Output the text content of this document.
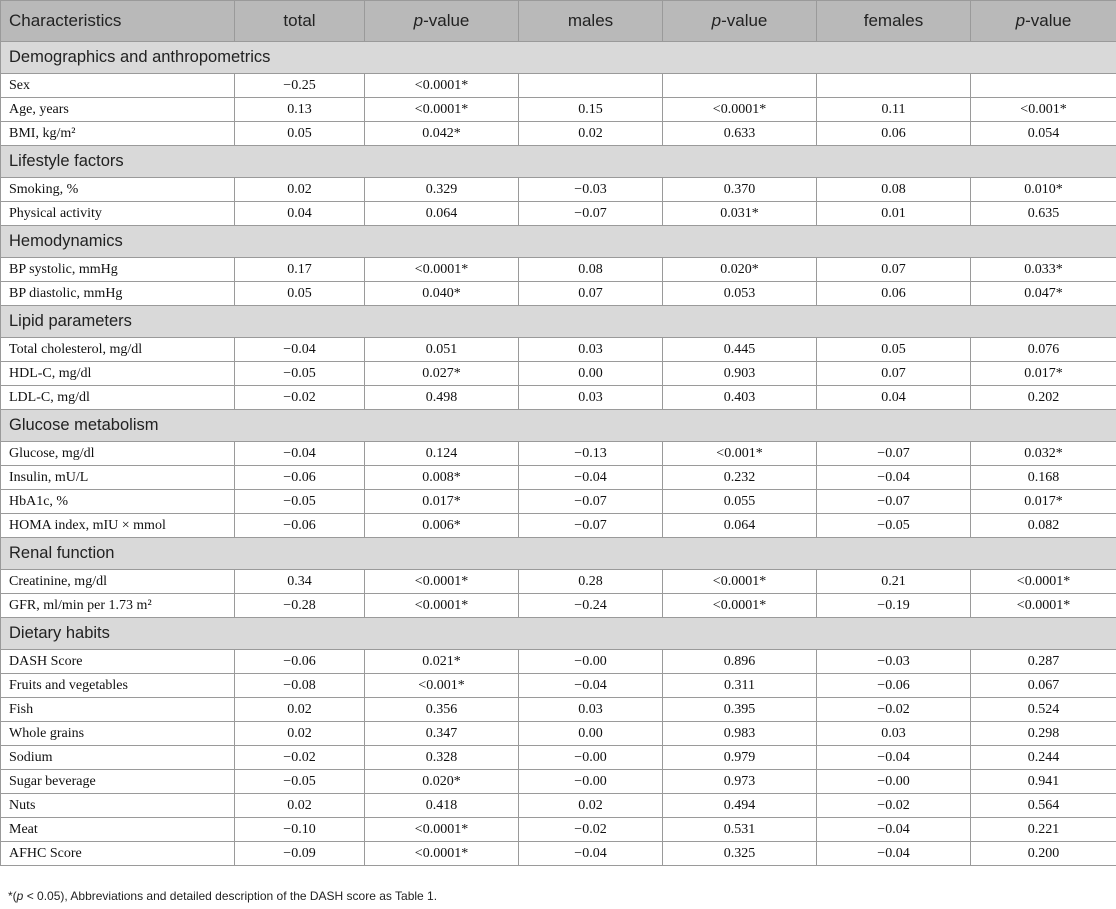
Characteristics	total	p-value	males	p-value	females	p-value
Demographics and anthropometrics						
Sex	−0.25	<0.0001*				
Age, years	0.13	<0.0001*	0.15	<0.0001*	0.11	<0.001*
BMI, kg/m²	0.05	0.042*	0.02	0.633	0.06	0.054
Lifestyle factors						
Smoking, %	0.02	0.329	−0.03	0.370	0.08	0.010*
Physical activity	0.04	0.064	−0.07	0.031*	0.01	0.635
Hemodynamics						
BP systolic, mmHg	0.17	<0.0001*	0.08	0.020*	0.07	0.033*
BP diastolic, mmHg	0.05	0.040*	0.07	0.053	0.06	0.047*
Lipid parameters						
Total cholesterol, mg/dl	−0.04	0.051	0.03	0.445	0.05	0.076
HDL-C, mg/dl	−0.05	0.027*	0.00	0.903	0.07	0.017*
LDL-C, mg/dl	−0.02	0.498	0.03	0.403	0.04	0.202
Glucose metabolism						
Glucose, mg/dl	−0.04	0.124	−0.13	<0.001*	−0.07	0.032*
Insulin, mU/L	−0.06	0.008*	−0.04	0.232	−0.04	0.168
HbA1c, %	−0.05	0.017*	−0.07	0.055	−0.07	0.017*
HOMA index, mIU × mmol	−0.06	0.006*	−0.07	0.064	−0.05	0.082
Renal function						
Creatinine, mg/dl	0.34	<0.0001*	0.28	<0.0001*	0.21	<0.0001*
GFR, ml/min per 1.73 m²	−0.28	<0.0001*	−0.24	<0.0001*	−0.19	<0.0001*
Dietary habits						
DASH Score	−0.06	0.021*	−0.00	0.896	−0.03	0.287
Fruits and vegetables	−0.08	<0.001*	−0.04	0.311	−0.06	0.067
Fish	0.02	0.356	0.03	0.395	−0.02	0.524
Whole grains	0.02	0.347	0.00	0.983	0.03	0.298
Sodium	−0.02	0.328	−0.00	0.979	−0.04	0.244
Sugar beverage	−0.05	0.020*	−0.00	0.973	−0.00	0.941
Nuts	0.02	0.418	0.02	0.494	−0.02	0.564
Meat	−0.10	<0.0001*	−0.02	0.531	−0.04	0.221
AFHC Score	−0.09	<0.0001*	−0.04	0.325	−0.04	0.200
*(p < 0.05), Abbreviations and detailed description of the DASH score as Table 1.
